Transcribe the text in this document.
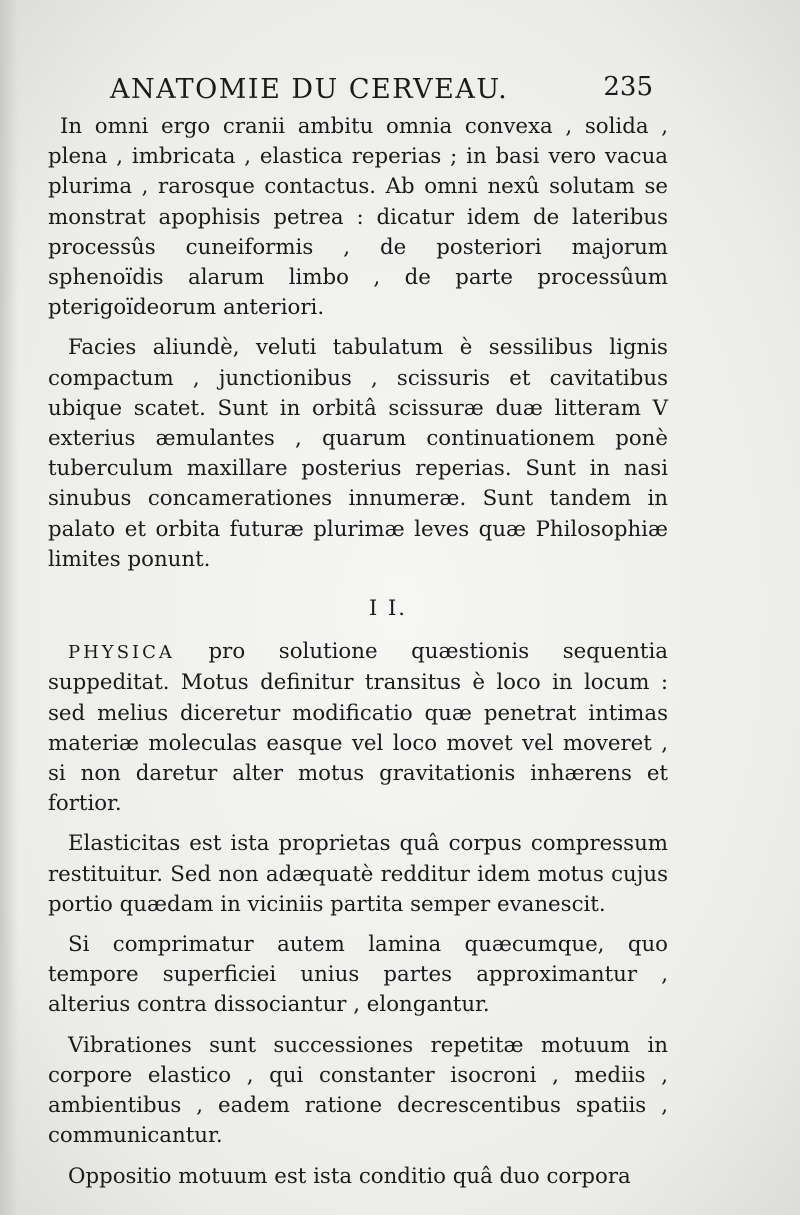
ANATOMIE DU CERVEAU.	235

In omni ergo cranii ambitu omnia convexa , solida , plena , imbricata , elastica reperias ; in basi vero vacua plurima , rarosque contactus. Ab omni nexû solutam se monstrat apophisis petrea : dicatur idem de lateribus processûs cuneiformis , de posteriori majorum sphenoïdis alarum limbo , de parte processûum pterigoïdeorum anteriori.

Facies aliundè, veluti tabulatum è sessilibus lignis compactum , junctionibus , scissuris et cavitatibus ubique scatet. Sunt in orbitâ scissuræ duæ litteram V exterius æmulantes , quarum continuationem ponè tuberculum maxillare posterius reperias. Sunt in nasi sinubus concamerationes innumeræ. Sunt tandem in palato et orbita futuræ plurimæ leves quæ Philosophiæ limites ponunt.

I I.

PHYSICA pro solutione quæstionis sequentia suppeditat. Motus definitur transitus è loco in locum : sed melius diceretur modificatio quæ penetrat intimas materiæ moleculas easque vel loco movet vel moveret , si non daretur alter motus gravitationis inhærens et fortior.

Elasticitas est ista proprietas quâ corpus compressum restituitur. Sed non adæquatè redditur idem motus cujus portio quædam in viciniis partita semper evanescit.

Si comprimatur autem lamina quæcumque, quo tempore superficiei unius partes approximantur , alterius contra dissociantur , elongantur.

Vibrationes sunt successiones repetitæ motuum in corpore elastico , qui constanter isocroni , mediis , ambientibus , eadem ratione decrescentibus spatiis , communicantur.

Oppositio motuum est ista conditio quâ duo corpora
